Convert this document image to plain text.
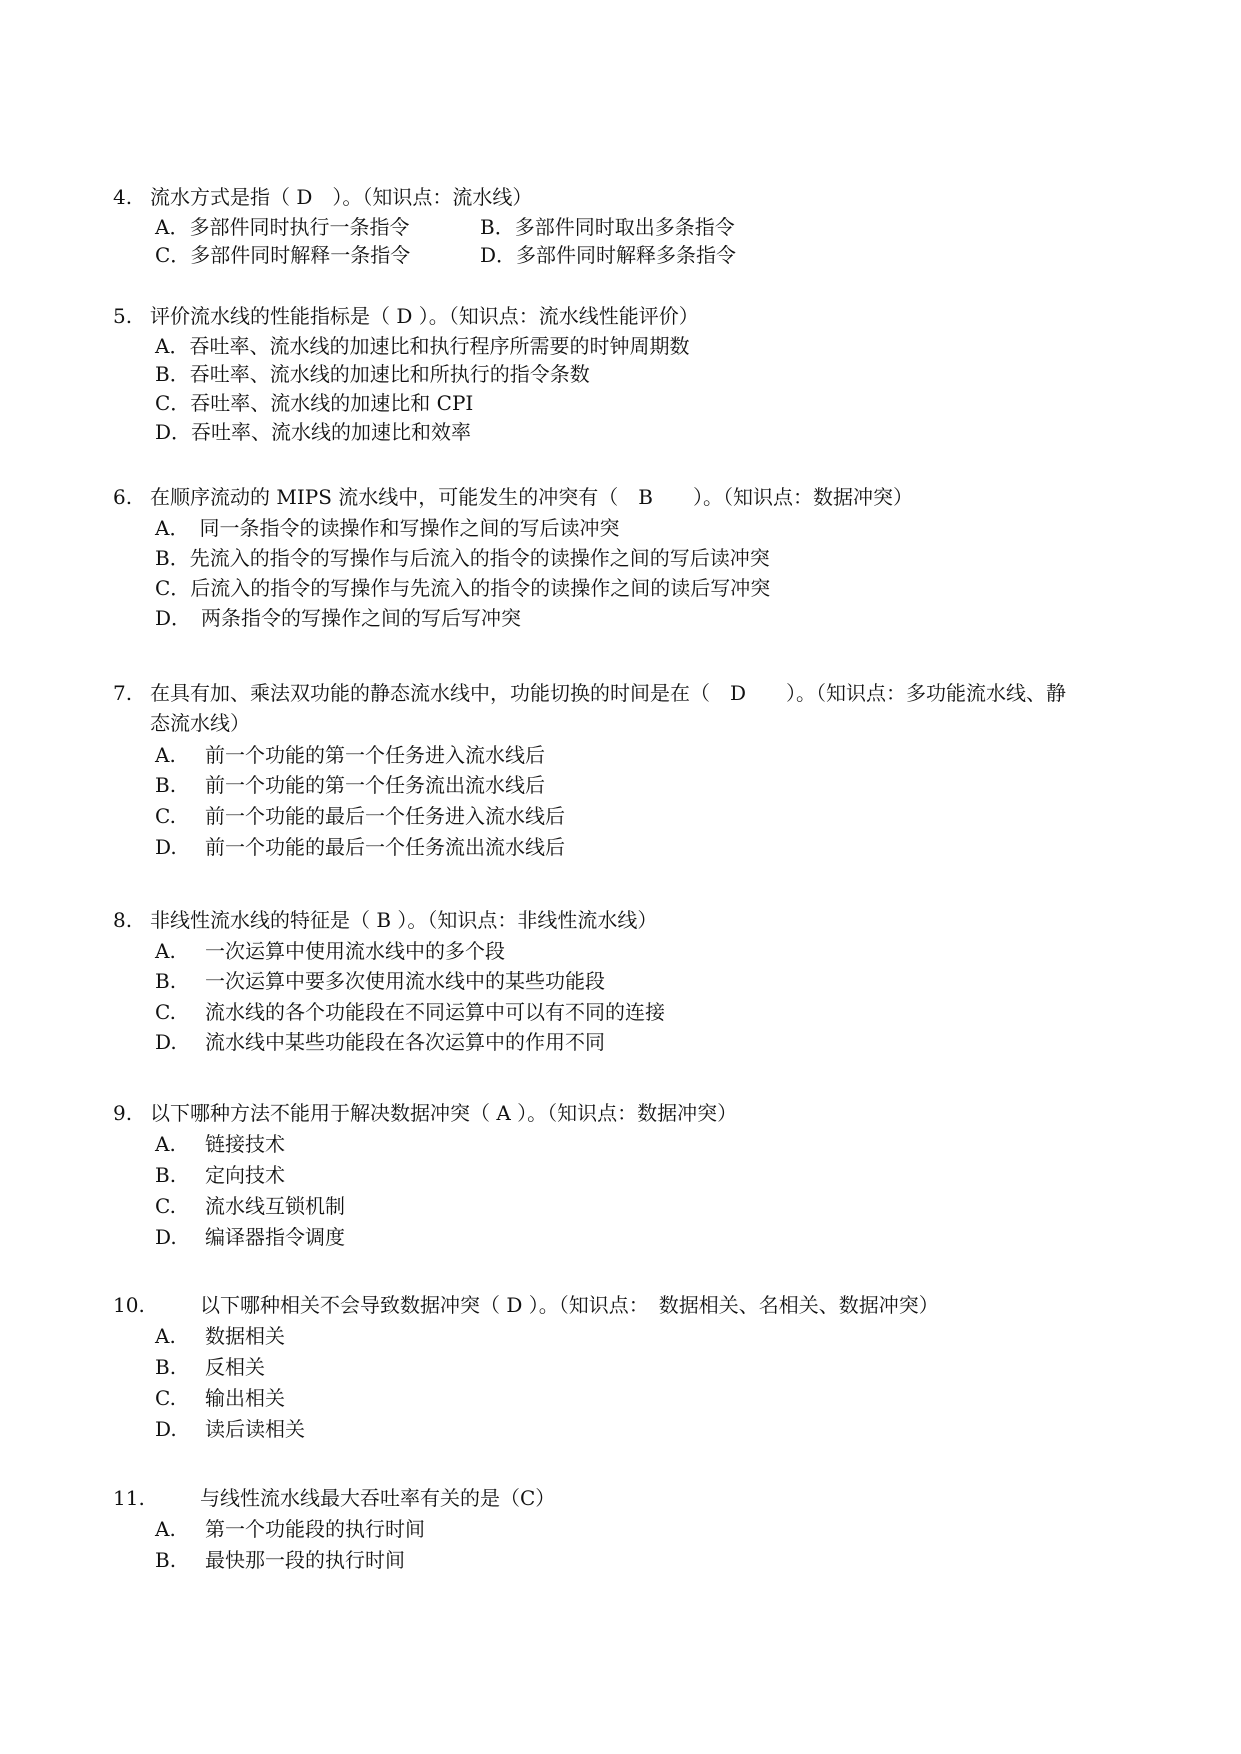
4. 流水方式是指（ D　）。（知识点：流水线）
A．多部件同时执行一条指令	B．多部件同时取出多条指令
C．多部件同时解释一条指令	D．多部件同时解释多条指令
5. 评价流水线的性能指标是（ D ）。（知识点：流水线性能评价）
A．吞吐率、流水线的加速比和执行程序所需要的时钟周期数
B．吞吐率、流水线的加速比和所执行的指令条数
C．吞吐率、流水线的加速比和 CPI
D．吞吐率、流水线的加速比和效率
6. 在顺序流动的 MIPS 流水线中，可能发生的冲突有（　B　　）。（知识点：数据冲突）
A．　同一条指令的读操作和写操作之间的写后读冲突
B．先流入的指令的写操作与后流入的指令的读操作之间的写后读冲突
C．后流入的指令的写操作与先流入的指令的读操作之间的读后写冲突
D．　两条指令的写操作之间的写后写冲突
7. 在具有加、乘法双功能的静态流水线中，功能切换的时间是在（　D　　）。（知识点：多功能流水线、静
态流水线）
A. 前一个功能的第一个任务进入流水线后
B. 前一个功能的第一个任务流出流水线后
C. 前一个功能的最后一个任务进入流水线后
D. 前一个功能的最后一个任务流出流水线后
8. 非线性流水线的特征是（ B ）。（知识点：非线性流水线）
A. 一次运算中使用流水线中的多个段
B. 一次运算中要多次使用流水线中的某些功能段
C. 流水线的各个功能段在不同运算中可以有不同的连接
D. 流水线中某些功能段在各次运算中的作用不同
9. 以下哪种方法不能用于解决数据冲突（ A ）。（知识点：数据冲突）
A. 链接技术
B. 定向技术
C. 流水线互锁机制
D. 编译器指令调度
10.	以下哪种相关不会导致数据冲突（ D ）。（知识点：　数据相关、名相关、数据冲突）
A. 数据相关
B. 反相关
C. 输出相关
D. 读后读相关
11.	与线性流水线最大吞吐率有关的是（C）
A. 第一个功能段的执行时间
B. 最快那一段的执行时间
